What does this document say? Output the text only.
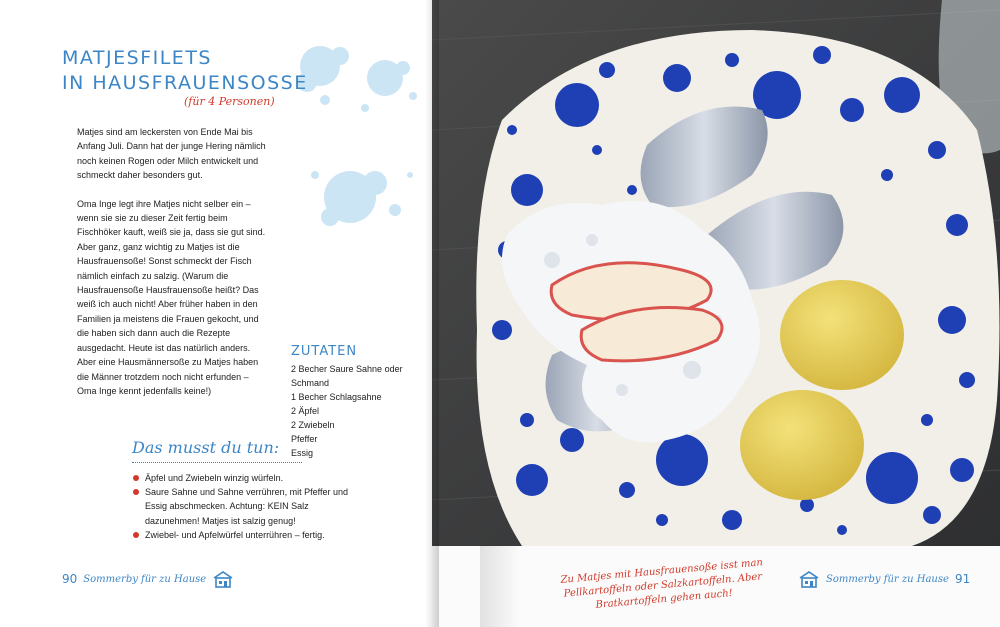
MATJESFILETS
IN HAUSFRAUENSOSSE
(für 4 Personen)

Matjes sind am leckersten von Ende Mai bis Anfang Juli. Dann hat der junge Hering nämlich noch keinen Rogen oder Milch entwickelt und schmeckt daher besonders gut.

Oma Inge legt ihre Matjes nicht selber ein – wenn sie sie zu dieser Zeit fertig beim Fischhöker kauft, weiß sie ja, dass sie gut sind. Aber ganz, ganz wichtig zu Matjes ist die Hausfrauensoße! Sonst schmeckt der Fisch nämlich einfach zu salzig. (Warum die Hausfrauensoße Hausfrauensoße heißt? Das weiß ich auch nicht! Aber früher haben in den Familien ja meistens die Frauen gekocht, und die haben sich dann auch die Rezepte ausgedacht. Heute ist das natürlich anders. Aber eine Hausmännersoße zu Matjes haben die Männer trotzdem noch nicht erfunden – Oma Inge kennt jedenfalls keine!)

ZUTATEN
2 Becher Saure Sahne oder Schmand
1 Becher Schlagsahne
2 Äpfel
2 Zwiebeln
Pfeffer
Essig
Das musst du tun:
Äpfel und Zwiebeln winzig würfeln.
Saure Sahne und Sahne verrühren, mit Pfeffer und Essig abschmecken. Achtung: KEIN Salz dazunehmen! Matjes ist salzig genug!
Zwiebel- und Apfelwürfel unterrühren – fertig.
90 Sommerby für zu Hause	Zu Matjes mit Hausfrauensoße isst man Pellkartoffeln oder Salzkartoffeln. Aber Bratkartoffeln gehen auch!
Sommerby für zu Hause 91
